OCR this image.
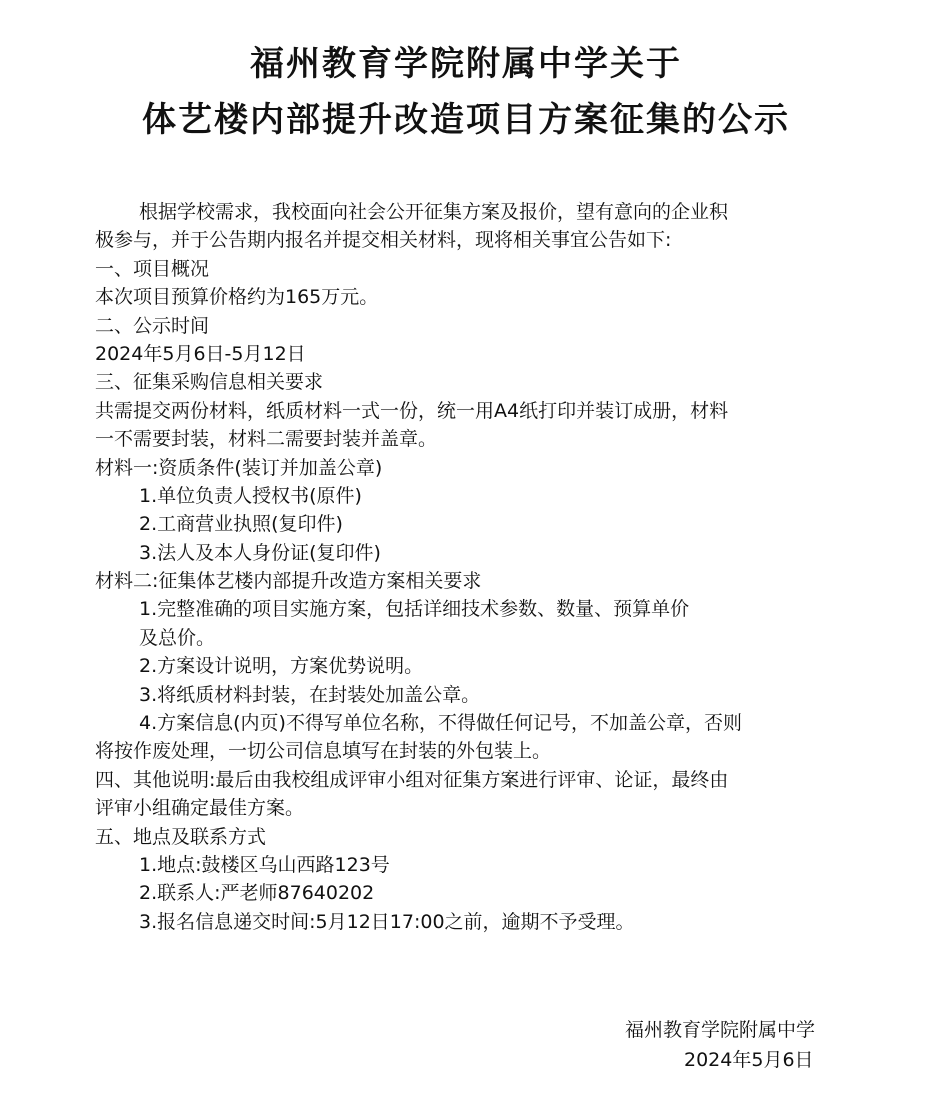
福州教育学院附属中学关于
体艺楼内部提升改造项目方案征集的公示
根据学校需求，我校面向社会公开征集方案及报价，望有意向的企业积
极参与，并于公告期内报名并提交相关材料，现将相关事宜公告如下:
一、项目概况
本次项目预算价格约为165万元。
二、公示时间
2024年5月6日-5月12日
三、征集采购信息相关要求
共需提交两份材料，纸质材料一式一份，统一用A4纸打印并装订成册，材料
一不需要封装，材料二需要封装并盖章。
材料一:资质条件(装订并加盖公章)
1.单位负责人授权书(原件)
2.工商营业执照(复印件)
3.法人及本人身份证(复印件)
材料二:征集体艺楼内部提升改造方案相关要求
1.完整准确的项目实施方案，包括详细技术参数、数量、预算单价
及总价。
2.方案设计说明，方案优势说明。
3.将纸质材料封装，在封装处加盖公章。
4.方案信息(内页)不得写单位名称，不得做任何记号，不加盖公章，否则
将按作废处理，一切公司信息填写在封装的外包装上。
四、其他说明:最后由我校组成评审小组对征集方案进行评审、论证，最终由
评审小组确定最佳方案。
五、地点及联系方式
1.地点:鼓楼区乌山西路123号
2.联系人:严老师87640202
3.报名信息递交时间:5月12日17:00之前，逾期不予受理。
福州教育学院附属中学
2024年5月6日
